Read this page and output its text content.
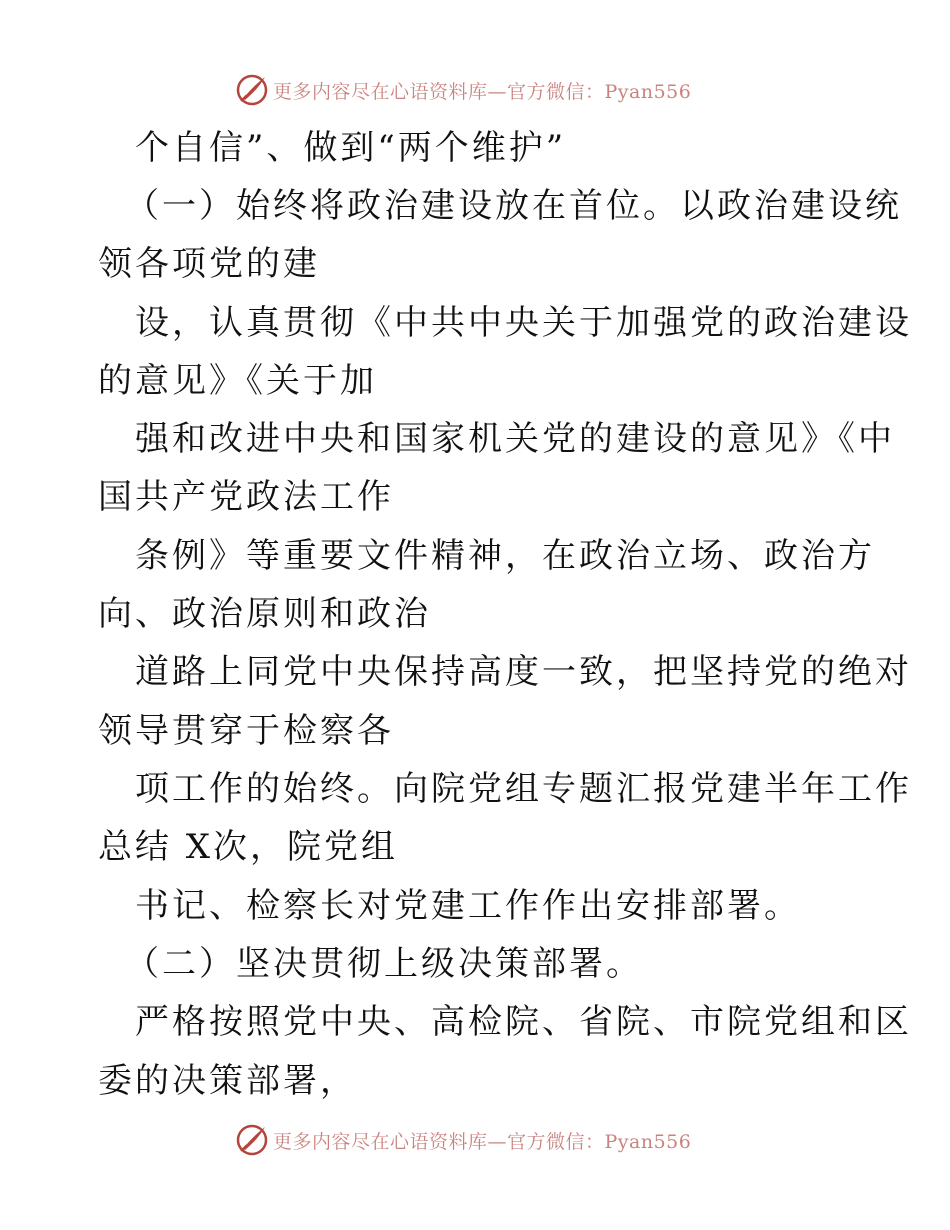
更多内容尽在心语资料库—官方微信：Pyan556
个自信”、做到“两个维护”
（一）始终将政治建设放在首位。以政治建设统
领各项党的建
设，认真贯彻《中共中央关于加强党的政治建设
的意见》《关于加
强和改进中央和国家机关党的建设的意见》《中
国共产党政法工作
条例》等重要文件精神，在政治立场、政治方
向、政治原则和政治
道路上同党中央保持高度一致，把坚持党的绝对
领导贯穿于检察各
项工作的始终。向院党组专题汇报党建半年工作
总结 X次，院党组
书记、检察长对党建工作作出安排部署。
（二）坚决贯彻上级决策部署。
严格按照党中央、高检院、省院、市院党组和区
委的决策部署，
更多内容尽在心语资料库—官方微信：Pyan556
